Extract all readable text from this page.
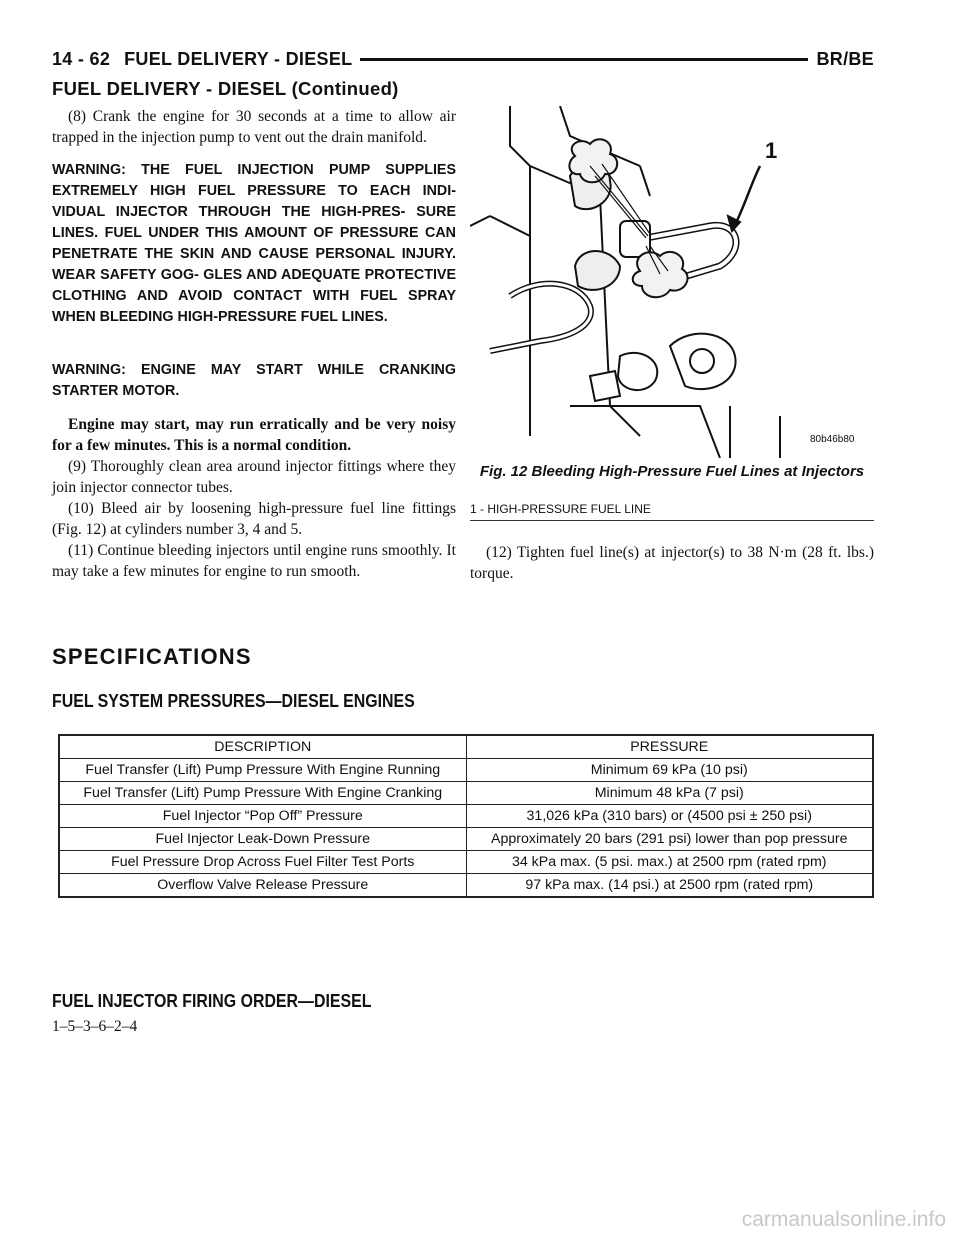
14 - 62 FUEL DELIVERY - DIESEL	BR/BE
FUEL DELIVERY - DIESEL (Continued)

(8) Crank the engine for 30 seconds at a time to allow air trapped in the injection pump to vent out the drain manifold.

WARNING: THE FUEL INJECTION PUMP SUPPLIES EXTREMELY HIGH FUEL PRESSURE TO EACH INDI- VIDUAL INJECTOR THROUGH THE HIGH-PRES- SURE LINES. FUEL UNDER THIS AMOUNT OF PRESSURE CAN PENETRATE THE SKIN AND CAUSE PERSONAL INJURY. WEAR SAFETY GOG- GLES AND ADEQUATE PROTECTIVE CLOTHING AND AVOID CONTACT WITH FUEL SPRAY WHEN BLEEDING HIGH-PRESSURE FUEL LINES.

WARNING: ENGINE MAY START WHILE CRANKING STARTER MOTOR.

Engine may start, may run erratically and be very noisy for a few minutes. This is a normal condition.

(9) Thoroughly clean area around injector fittings where they join injector connector tubes.

(10) Bleed air by loosening high-pressure fuel line fittings (Fig. 12) at cylinders number 3, 4 and 5.

(11) Continue bleeding injectors until engine runs smoothly. It may take a few minutes for engine to run smooth.

1
80b46b80
Fig. 12 Bleeding High-Pressure Fuel Lines at Injectors
1 - HIGH-PRESSURE FUEL LINE

(12) Tighten fuel line(s) at injector(s) to 38 N·m (28 ft. lbs.) torque.

SPECIFICATIONS
FUEL SYSTEM PRESSURES—DIESEL ENGINES
DESCRIPTION	PRESSURE
Fuel Transfer (Lift) Pump Pressure With Engine Running	Minimum 69 kPa (10 psi)
Fuel Transfer (Lift) Pump Pressure With Engine Cranking	Minimum 48 kPa (7 psi)
Fuel Injector “Pop Off” Pressure	31,026 kPa (310 bars) or (4500 psi ± 250 psi)
Fuel Injector Leak-Down Pressure	Approximately 20 bars (291 psi) lower than pop pressure
Fuel Pressure Drop Across Fuel Filter Test Ports	34 kPa max. (5 psi. max.) at 2500 rpm (rated rpm)
Overflow Valve Release Pressure	97 kPa max. (14 psi.) at 2500 rpm (rated rpm)
FUEL INJECTOR FIRING ORDER—DIESEL
1–5–3–6–2–4
carmanualsonline.info
